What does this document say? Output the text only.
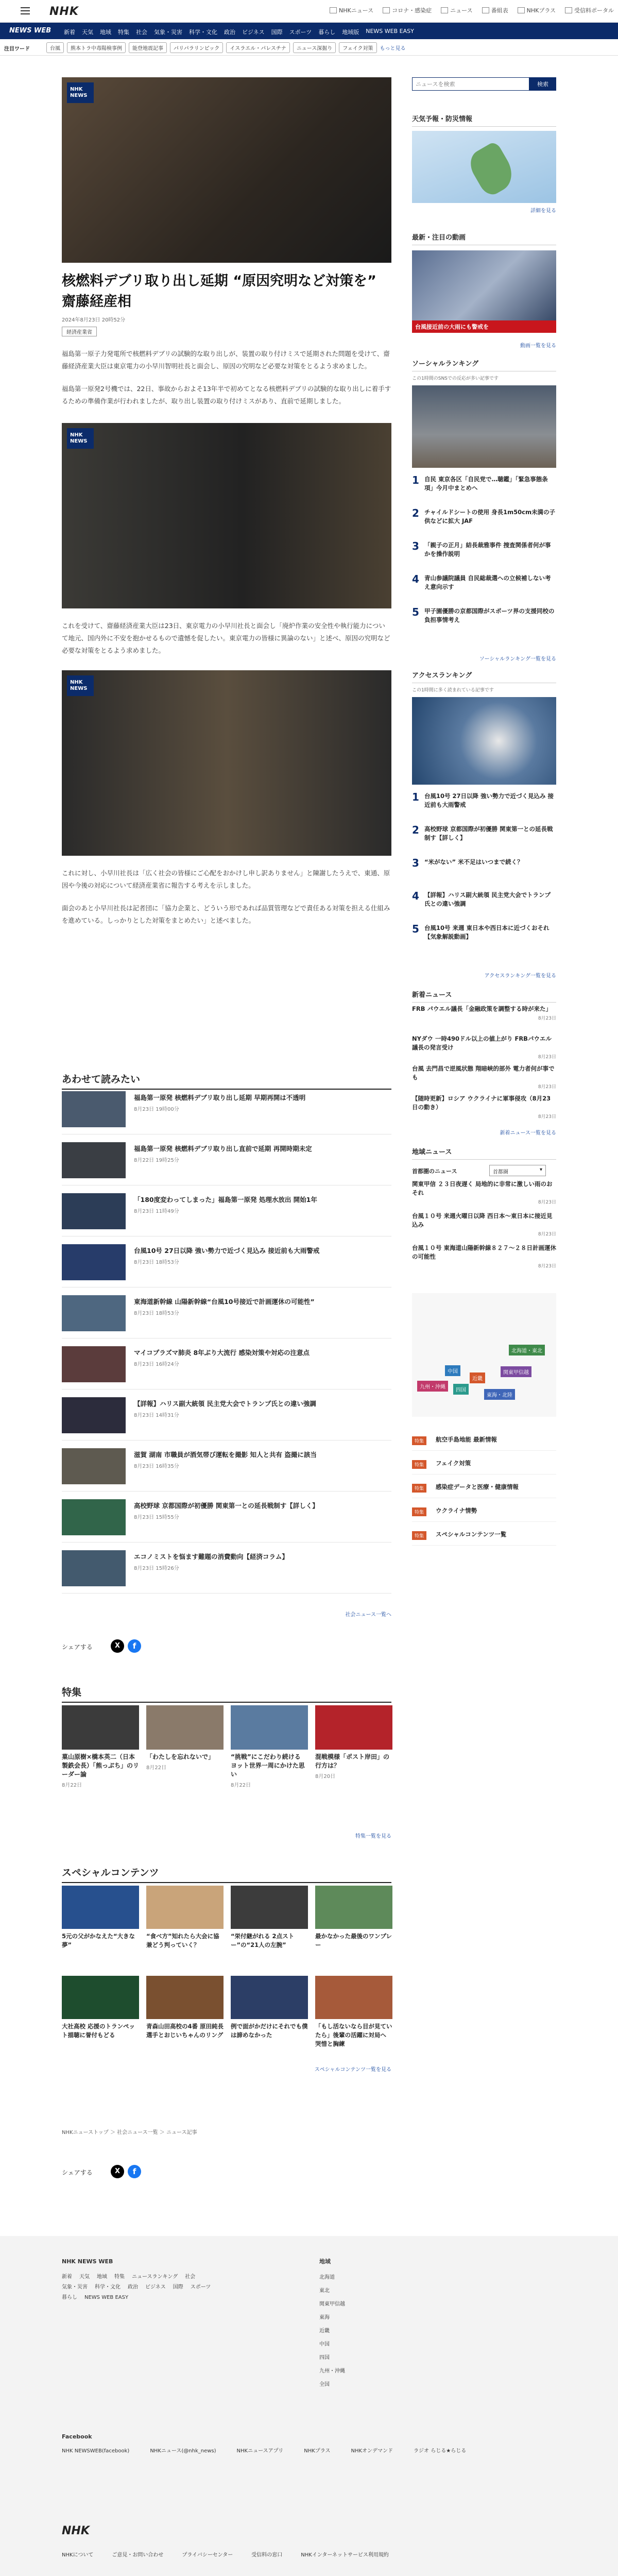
NHK	NHKニュース	コロナ・感染症	ニュース	番組表	NHKプラス	受信料ポータル
NEWS WEB 新着 天気 地域 特集 社会 気象・災害 科学・文化 政治 ビジネス 国際 スポーツ 暮らし 地域版 NEWS WEB EASY
注目ワード	台風	熊本トラ中毒陽検事例	能登地震記事	パリパラリンピック	イスラエル・パレスチナ	ニュース深掘り	フェイク対策	もっと見る
NHK NEWS
核燃料デブリ取り出し延期 “原因究明など対策を” 齋藤経産相
2024年8月23日 20時52分
経済産業省

福島第一原子力発電所で核燃料デブリの試験的な取り出しが、装置の取り付けミスで延期された問題を受けて、齋藤経済産業大臣は東京電力の小早川智明社長と面会し、原因の究明など必要な対策をとるよう求めました。

福島第一原発2号機では、22日、事故からおよそ13年半で初めてとなる核燃料デブリの試験的な取り出しに着手するための準備作業が行われましたが、取り出し装置の取り付けミスがあり、直前で延期しました。

NHK NEWS

これを受けて、齋藤経済産業大臣は23日、東京電力の小早川社長と面会し「廃炉作業の安全性や執行能力について地元、国内外に不安を抱かせるもので遺憾を促したい。東京電力の皆様に異論のない」と述べ、原因の究明など必要な対策をとるよう求めました。

NHK NEWS

これに対し、小早川社長は「広く社会の皆様にご心配をおかけし申し訳ありません」と陳謝したうえで、東通、原因や今後の対応について経済産業省に報告する考えを示しました。

面会のあと小早川社長は記者団に「協力企業と、どういう形であれば品質管理などで責任ある対策を担える仕組みを進めている。しっかりとした対策をまとめたい」と述べました。

あわせて読みたい
福島第一原発 核燃料デブリ取り出し延期 早期再開は不透明
8月23日 19時00分
福島第一原発 核燃料デブリ取り出し直前で延期 再開時期未定
8月22日 19時25分
「180度変わってしまった」福島第一原発 処理水放出 開始1年
8月23日 11時49分
台風10号 27日以降 強い勢力で近づく見込み 接近前も大雨警戒
8月23日 18時53分
東海道新幹線 山陽新幹線“台風10号接近で計画運休の可能性”
8月23日 18時53分
マイコプラズマ肺炎 8年ぶり大流行 感染対策や対応の注意点
8月23日 16時24分
【詳報】ハリス副大統領 民主党大会でトランプ氏との違い強調
8月23日 14時31分
滋賀 湖南 市職員が酒気帯び運転を撮影 知人と共有 盗撮に該当
8月23日 16時35分
高校野球 京都国際が初優勝 関東第一との延長戦制す【詳しく】
8月23日 15時55分
エコノミストを悩ます難題の消費動向【経済コラム】
8月23日 15時26分
社会ニュース一覧へ
シェアする	X	f
特集
菓山原樹×橋本英二（日本製鉄会長）「熊っぷち」のリーダー論
8月22日
「わたしを忘れないで」
8月22日
“挑戦”にこだわり続ける ヨット世界一周にかけた思い
8月22日
混戦模様「ポスト岸田」の行方は？
8月20日
特集一覧を見る
スペシャルコンテンツ
5元の父がかなえた“大きな夢”
“食べ方”知れたら大会に協兼どう判っていく？
“栄付継がれる 2点ストー”の“21人の左腕”
最かなかった最後のワンプレー
大社高校 応援のトランペット描聴に誉付もどる
青森山田高校の4番 原田純長選手とおじいちゃんのリング
例で面がかだけにそれでも僕は諦めなかった
「もし活ないなら目が見ていたら」後輩の活躍に対局へ 哭惜と胸練
スペシャルコンテンツ一覧を見る
NHKニューストップ ＞ 社会ニュース一覧 ＞ ニュース記事
シェアする	X	f
ニュースを検索
検索
天気予報・防災情報
詳細を見る
最新・注目の動画
台風接近前の大雨にも警戒を
動画一覧を見る
ソーシャルランキング
この1時間のSNSでの反応が多い記事です
1 自民 東京各区「自民党で…聴鑑」「緊急事態条項」今月中まとめへ
2 チャイルドシートの使用 身長1m50cm未満の子供などに拡大 JAF
3 「親子の正月」結長裁雅事件 捜査関係者何が事かを操作説明
4 青山参議院議員 自民総裁選への立候補しない考え意向示す
5 甲子園優勝の京都国際がスポーツ界の支援同校の負担事情考え
ソーシャルランキング一覧を見る
アクセスランキング
この1時間に多く読まれている記事です
1 台風10号 27日以降 強い勢力で近づく見込み 接近前も大雨警戒
2 高校野球 京都国際が初優勝 関東第一との延長戦制す【詳しく】
3 “米がない” 米不足はいつまで続く？
4 【詳報】ハリス副大統領 民主党大会でトランプ氏との違い強調
5 台風10号 来週 東日本や西日本に近づくおそれ【気象解説動画】
アクセスランキング一覧を見る
新着ニュース
FRB パウエル議長「金融政策を調整する時が来た」
8月23日
NYダウ 一時490ドル以上の値上がり FRBパウエル議長の発言受け
8月23日
台風 去門昌で逆風状態 翔暗峡的部外 電力者何が事でも
8月23日
【随時更新】ロシア ウクライナに軍事侵攻（8月23日の動き）
8月23日
新着ニュース一覧を見る
地域ニュース
首都圏のニュース	首都圏	▾
関東甲信 ２３日夜遅く 局地的に非常に激しい雨のおそれ
8月23日
台風１０号 来週火曜日以降 西日本～東日本に接近見込み
8月23日
台風１０号 東海道山陽新幹線８２７～２８日計画運休の可能性
8月23日
北海道・東北
中国
近畿
関東甲信越
九州・沖縄
四国
東海・北陸
特集	航空手島地能 最新情報
特集	フェイク対策
特集	感染症データと医療・健康情報
特集	ウクライナ情勢
特集	スペシャルコンテンツ一覧
NHK NEWS WEB
新着 天気 地域 特集 ニュースランキング 社会
気象・災害 科学・文化 政治 ビジネス 国際 スポーツ
暮らし NEWS WEB EASY
地域
北海道
東北
関東甲信越
東海
近畿
中国
四国
九州・沖縄
全国
Facebook
NHK NEWSWEB(facebook)	NHKニュース(@nhk_news)	NHKニュースアプリ	NHKプラス	NHKオンデマンド	ラジオ らじる★らじる
NHK
NHKについて	ご意見・お問い合わせ	プライバシーセンター	受信料の窓口	NHKインターネットサービス利用規約
